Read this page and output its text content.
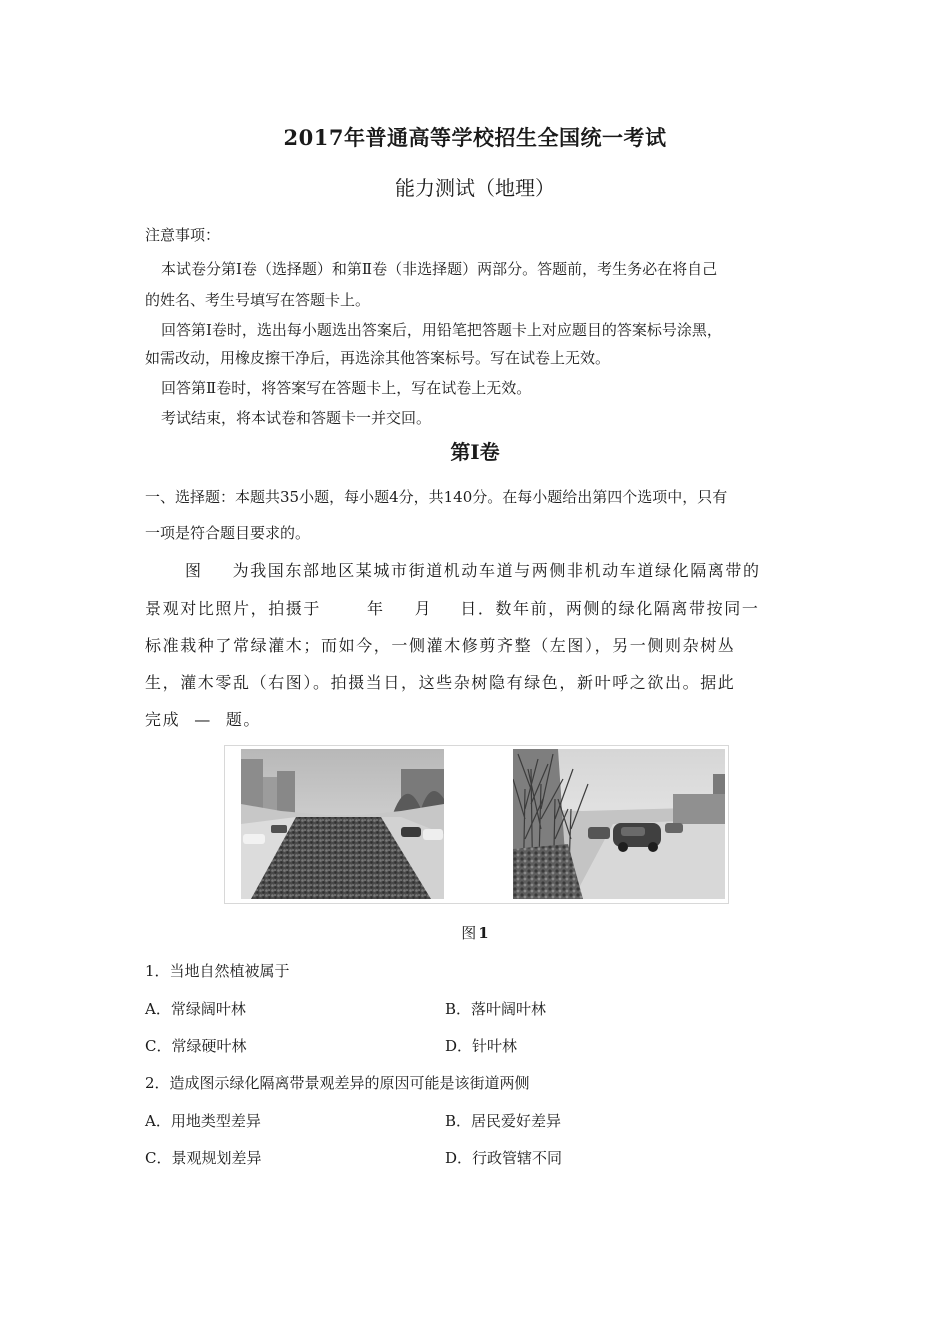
2017年普通高等学校招生全国统一考试
能力测试（地理）
注意事项：
本试卷分第Ⅰ卷（选择题）和第Ⅱ卷（非选择题）两部分。答题前，考生务必在将自己
的姓名、考生号填写在答题卡上。
回答第Ⅰ卷时，选出每小题选出答案后，用铅笔把答题卡上对应题目的答案标号涂黑，
如需改动，用橡皮擦干净后，再选涂其他答案标号。写在试卷上无效。
回答第Ⅱ卷时，将答案写在答题卡上，写在试卷上无效。
考试结束，将本试卷和答题卡一并交回。
第Ⅰ卷
一、选择题：本题共35小题，每小题4分，共140分。在每小题给出第四个选项中，只有
一项是符合题目要求的。
图 为我国东部地区某城市街道机动车道与两侧非机动车道绿化隔离带的
景观对比照片，拍摄于	年 月 日．数年前，两侧的绿化隔离带按同一
标准栽种了常绿灌木；而如今，一侧灌木修剪齐整（左图），另一侧则杂树丛
生，灌木零乱（右图）。拍摄当日，这些杂树隐有绿色，新叶呼之欲出。据此
完成 — 题。
图 1
1．当地自然植被属于
A．常绿阔叶林	B．落叶阔叶林
C．常绿硬叶林	D．针叶林
2．造成图示绿化隔离带景观差异的原因可能是该街道两侧
A．用地类型差异	B．居民爱好差异
C．景观规划差异	D．行政管辖不同
